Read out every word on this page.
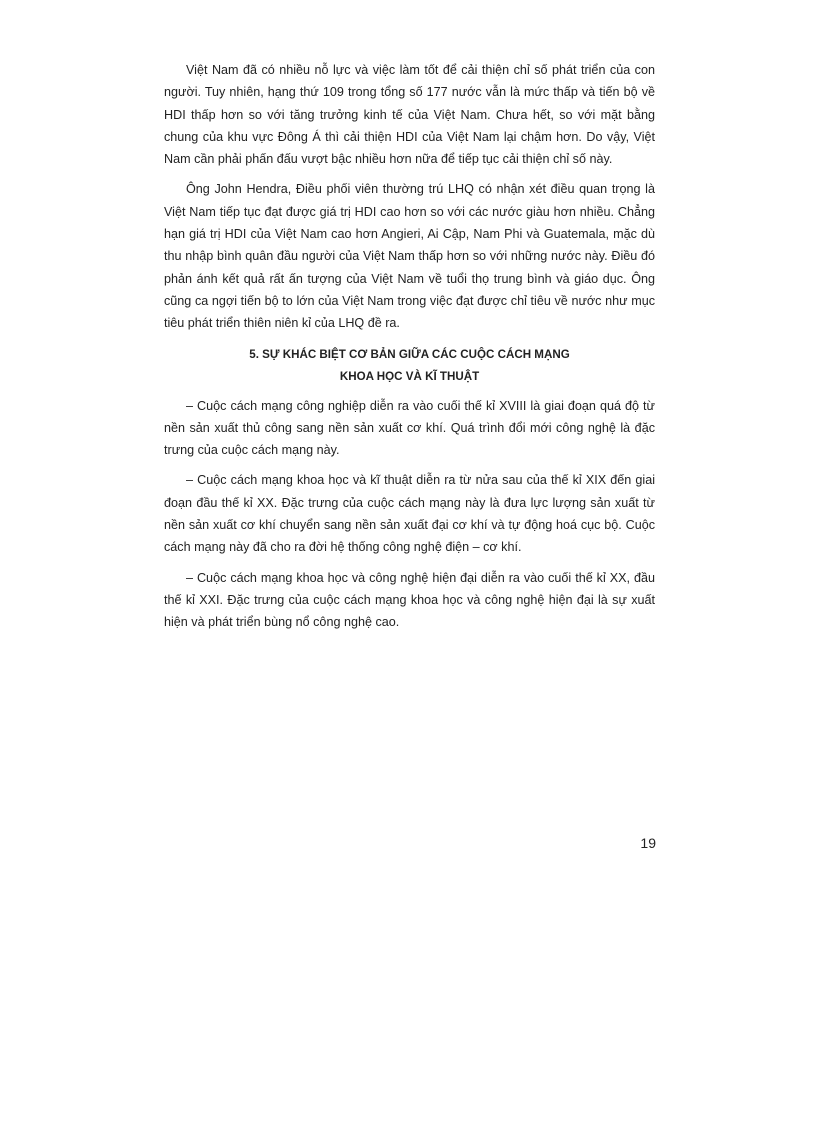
Việt Nam đã có nhiều nỗ lực và việc làm tốt để cải thiện chỉ số phát triển của con người. Tuy nhiên, hạng thứ 109 trong tổng số 177 nước vẫn là mức thấp và tiến bộ về HDI thấp hơn so với tăng trưởng kinh tế của Việt Nam. Chưa hết, so với mặt bằng chung của khu vực Đông Á thì cải thiện HDI của Việt Nam lại chậm hơn. Do vậy, Việt Nam cần phải phấn đấu vượt bậc nhiều hơn nữa để tiếp tục cải thiện chỉ số này.

Ông John Hendra, Điều phối viên thường trú LHQ có nhận xét điều quan trọng là Việt Nam tiếp tục đạt được giá trị HDI cao hơn so với các nước giàu hơn nhiều. Chẳng hạn giá trị HDI của Việt Nam cao hơn Angieri, Ai Cập, Nam Phi và Guatemala, mặc dù thu nhập bình quân đầu người của Việt Nam thấp hơn so với những nước này. Điều đó phản ánh kết quả rất ấn tượng của Việt Nam về tuổi thọ trung bình và giáo dục. Ông cũng ca ngợi tiến bộ to lớn của Việt Nam trong việc đạt được chỉ tiêu về nước như mục tiêu phát triển thiên niên kỉ của LHQ đề ra.

5. SỰ KHÁC BIỆT CƠ BẢN GIỮA CÁC CUỘC CÁCH MẠNG
KHOA HỌC VÀ KĨ THUẬT

– Cuộc cách mạng công nghiệp diễn ra vào cuối thế kỉ XVIII là giai đoạn quá độ từ nền sản xuất thủ công sang nền sản xuất cơ khí. Quá trình đổi mới công nghệ là đặc trưng của cuộc cách mạng này.

– Cuộc cách mạng khoa học và kĩ thuật diễn ra từ nửa sau của thế kỉ XIX đến giai đoạn đầu thế kỉ XX. Đặc trưng của cuộc cách mạng này là đưa lực lượng sản xuất từ nền sản xuất cơ khí chuyển sang nền sản xuất đại cơ khí và tự động hoá cục bộ. Cuộc cách mạng này đã cho ra đời hệ thống công nghệ điện – cơ khí.

– Cuộc cách mạng khoa học và công nghệ hiện đại diễn ra vào cuối thế kỉ XX, đầu thế kỉ XXI. Đặc trưng của cuộc cách mạng khoa học và công nghệ hiện đại là sự xuất hiện và phát triển bùng nổ công nghệ cao.

19
